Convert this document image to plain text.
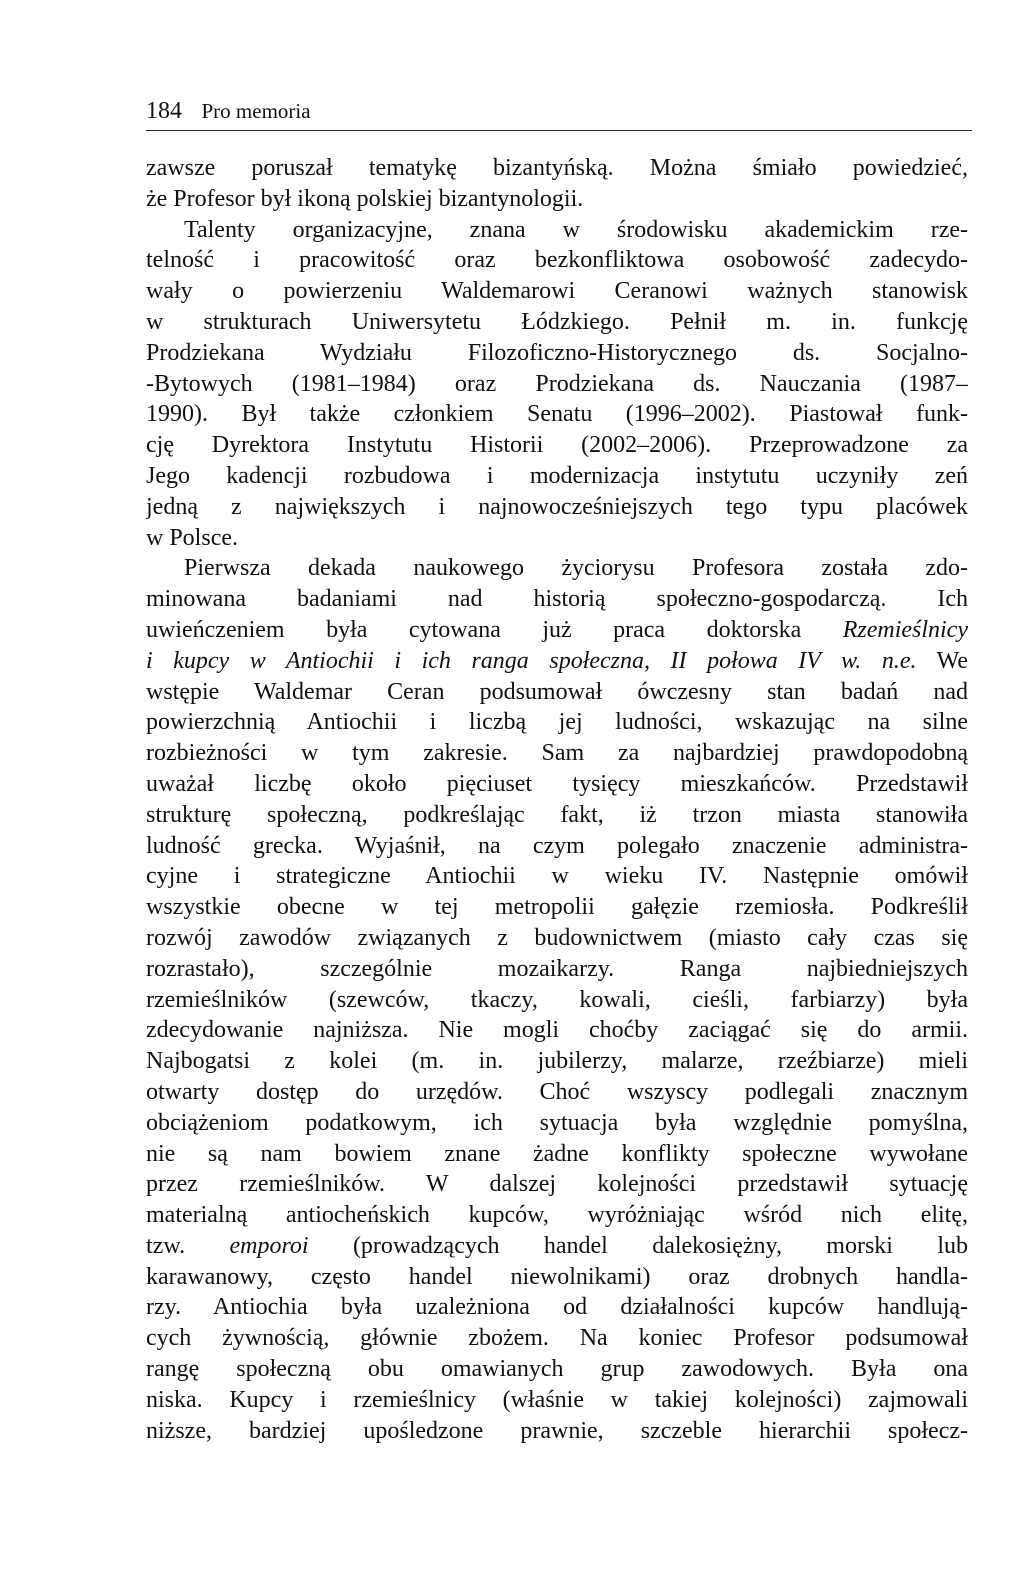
184 Pro memoria
zawsze poruszał tematykę bizantyńską. Można śmiało powiedzieć,
że Profesor był ikoną polskiej bizantynologii.
Talenty organizacyjne, znana w środowisku akademickim rze-
telność i pracowitość oraz bezkonfliktowa osobowość zadecydo-
wały o powierzeniu Waldemarowi Ceranowi ważnych stanowisk
w strukturach Uniwersytetu Łódzkiego. Pełnił m. in. funkcję
Prodziekana Wydziału Filozoficzno-Historycznego ds. Socjalno-
-Bytowych (1981–1984) oraz Prodziekana ds. Nauczania (1987–
1990). Był także członkiem Senatu (1996–2002). Piastował funk-
cję Dyrektora Instytutu Historii (2002–2006). Przeprowadzone za
Jego kadencji rozbudowa i modernizacja instytutu uczyniły zeń
jedną z największych i najnowocześniejszych tego typu placówek
w Polsce.
Pierwsza dekada naukowego życiorysu Profesora została zdo-
minowana badaniami nad historią społeczno-gospodarczą. Ich
uwieńczeniem była cytowana już praca doktorska Rzemieślnicy
i kupcy w Antiochii i ich ranga społeczna, II połowa IV w. n.e. We
wstępie Waldemar Ceran podsumował ówczesny stan badań nad
powierzchnią Antiochii i liczbą jej ludności, wskazując na silne
rozbieżności w tym zakresie. Sam za najbardziej prawdopodobną
uważał liczbę około pięciuset tysięcy mieszkańców. Przedstawił
strukturę społeczną, podkreślając fakt, iż trzon miasta stanowiła
ludność grecka. Wyjaśnił, na czym polegało znaczenie administra-
cyjne i strategiczne Antiochii w wieku IV. Następnie omówił
wszystkie obecne w tej metropolii gałęzie rzemiosła. Podkreślił
rozwój zawodów związanych z budownictwem (miasto cały czas się
rozrastało), szczególnie mozaikarzy. Ranga najbiedniejszych
rzemieślników (szewców, tkaczy, kowali, cieśli, farbiarzy) była
zdecydowanie najniższa. Nie mogli choćby zaciągać się do armii.
Najbogatsi z kolei (m. in. jubilerzy, malarze, rzeźbiarze) mieli
otwarty dostęp do urzędów. Choć wszyscy podlegali znacznym
obciążeniom podatkowym, ich sytuacja była względnie pomyślna,
nie są nam bowiem znane żadne konflikty społeczne wywołane
przez rzemieślników. W dalszej kolejności przedstawił sytuację
materialną antiocheńskich kupców, wyróżniając wśród nich elitę,
tzw. emporoi (prowadzących handel dalekosiężny, morski lub
karawanowy, często handel niewolnikami) oraz drobnych handla-
rzy. Antiochia była uzależniona od działalności kupców handlują-
cych żywnością, głównie zbożem. Na koniec Profesor podsumował
rangę społeczną obu omawianych grup zawodowych. Była ona
niska. Kupcy i rzemieślnicy (właśnie w takiej kolejności) zajmowali
niższe, bardziej upośledzone prawnie, szczeble hierarchii społecz-
